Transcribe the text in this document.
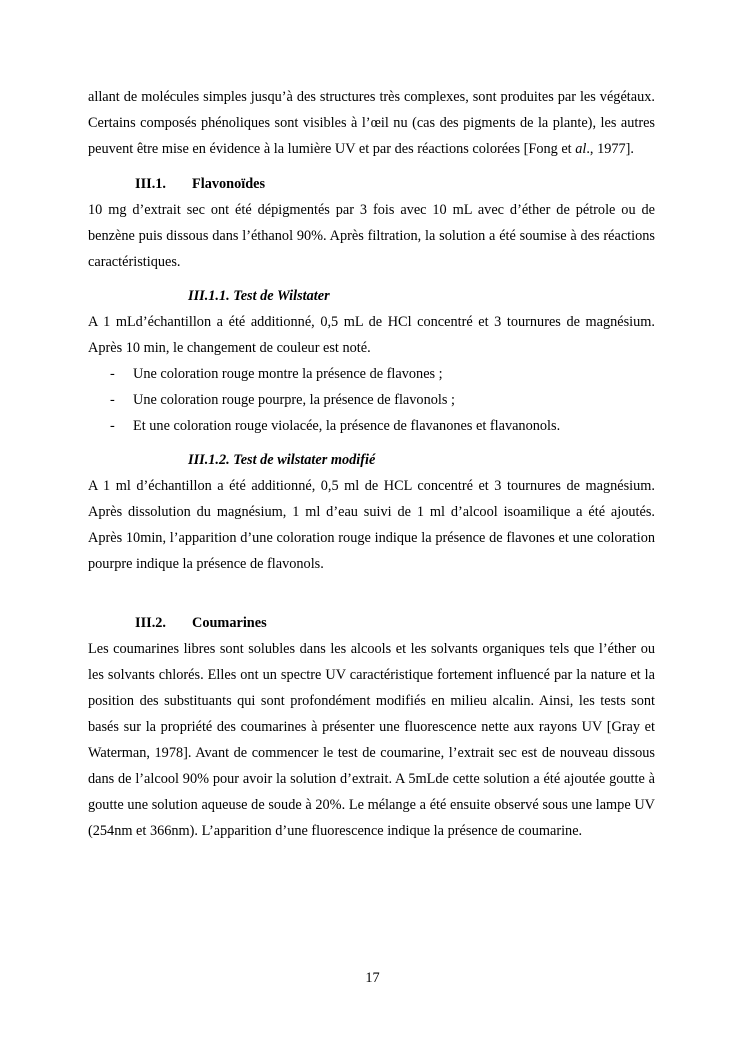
allant de molécules simples jusqu’à des structures très complexes, sont produites par les végétaux. Certains composés phénoliques sont visibles à l’œil nu (cas des pigments de la plante), les autres peuvent être mise en évidence à la lumière UV et par des réactions colorées [Fong et al., 1977].

III.1. Flavonoïdes

10 mg d’extrait sec ont été dépigmentés par 3 fois avec 10 mL avec d’éther de pétrole ou de benzène puis dissous dans l’éthanol 90%. Après filtration, la solution a été soumise à des réactions caractéristiques.

III.1.1. Test de Wilstater

A 1 mLd’échantillon a été additionné, 0,5 mL de HCl concentré et 3 tournures de magnésium. Après 10 min, le changement de couleur est noté.

- Une coloration rouge montre la présence de flavones ;
- Une coloration rouge pourpre, la présence de flavonols ;
- Et une coloration rouge violacée, la présence de flavanones et flavanonols.
III.1.2. Test de wilstater modifié

A 1 ml d’échantillon a été additionné, 0,5 ml de HCL concentré et 3 tournures de magnésium. Après dissolution du magnésium, 1 ml d’eau suivi de 1 ml d’alcool isoamilique a été ajoutés. Après 10min, l’apparition d’une coloration rouge indique la présence de flavones et une coloration pourpre indique la présence de flavonols.

III.2. Coumarines

Les coumarines libres sont solubles dans les alcools et les solvants organiques tels que l’éther ou les solvants chlorés. Elles ont un spectre UV caractéristique fortement influencé par la nature et la position des substituants qui sont profondément modifiés en milieu alcalin. Ainsi, les tests sont basés sur la propriété des coumarines à présenter une fluorescence nette aux rayons UV [Gray et Waterman, 1978]. Avant de commencer le test de coumarine, l’extrait sec est de nouveau dissous dans de l’alcool 90% pour avoir la solution d’extrait. A 5mLde cette solution a été ajoutée goutte à goutte une solution aqueuse de soude à 20%. Le mélange a été ensuite observé sous une lampe UV (254nm et 366nm). L’apparition d’une fluorescence indique la présence de coumarine.

17
